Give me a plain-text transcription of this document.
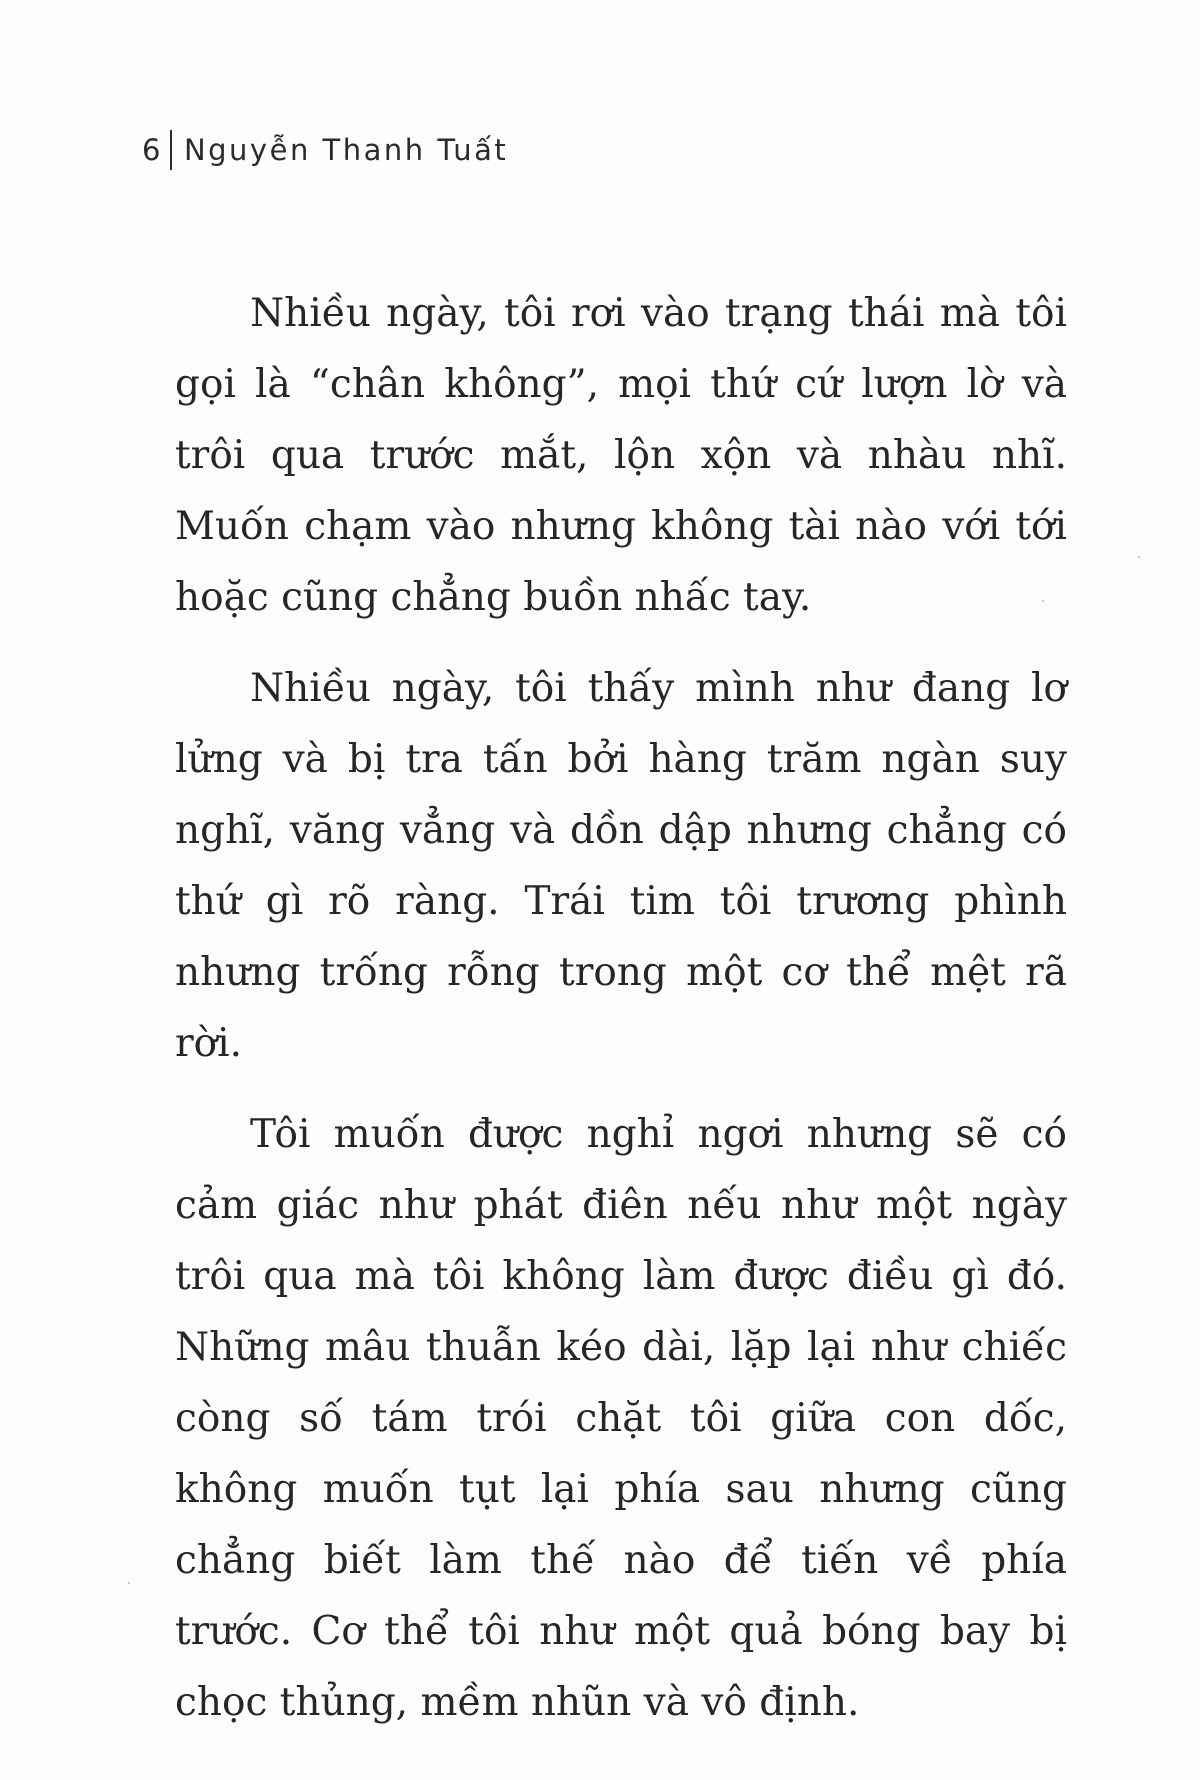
6 Nguyễn Thanh Tuất

Nhiều ngày, tôi rơi vào trạng thái mà tôi gọi là “chân không”, mọi thứ cứ lượn lờ và trôi qua trước mắt, lộn xộn và nhàu nhĩ. Muốn chạm vào nhưng không tài nào với tới hoặc cũng chẳng buồn nhấc tay.

Nhiều ngày, tôi thấy mình như đang lơ lửng và bị tra tấn bởi hàng trăm ngàn suy nghĩ, văng vẳng và dồn dập nhưng chẳng có thứ gì rõ ràng. Trái tim tôi trương phình nhưng trống rỗng trong một cơ thể mệt rã rời.

Tôi muốn được nghỉ ngơi nhưng sẽ có cảm giác như phát điên nếu như một ngày trôi qua mà tôi không làm được điều gì đó. Những mâu thuẫn kéo dài, lặp lại như chiếc còng số tám trói chặt tôi giữa con dốc, không muốn tụt lại phía sau nhưng cũng chẳng biết làm thế nào để tiến về phía trước. Cơ thể tôi như một quả bóng bay bị chọc thủng, mềm nhũn và vô định.
